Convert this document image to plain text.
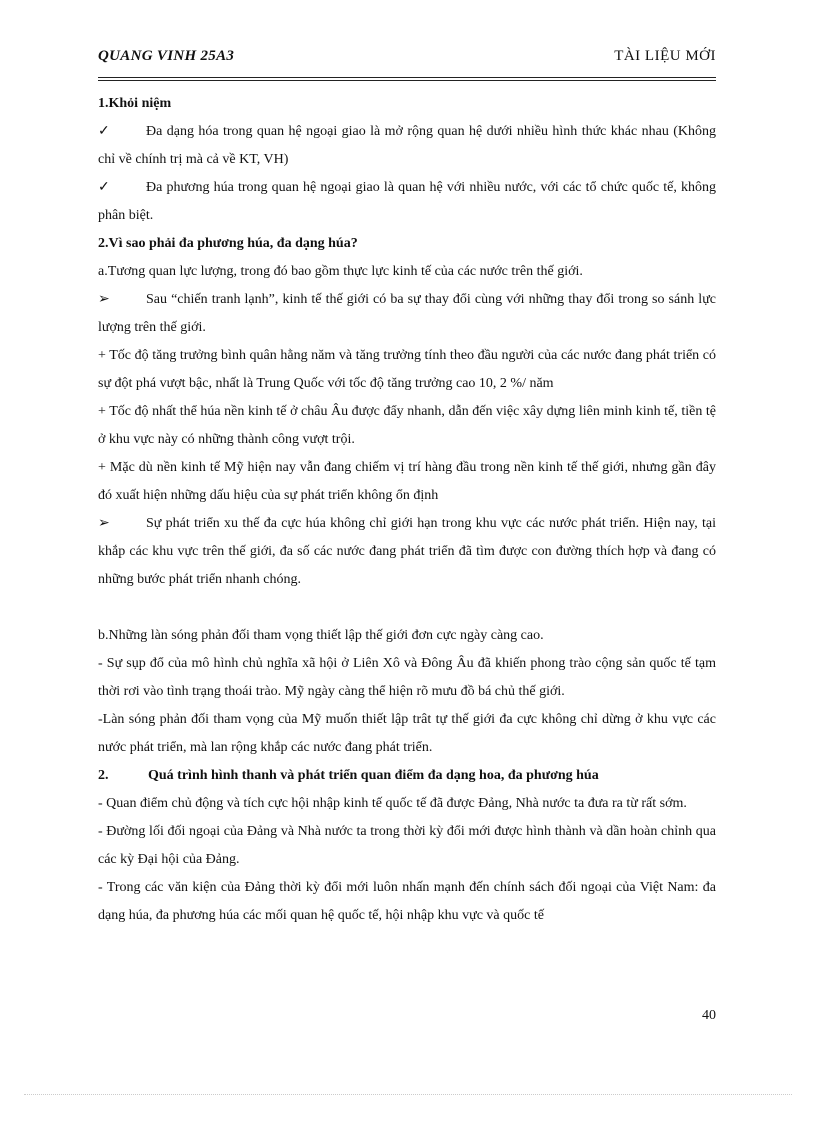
QUANG VINH 25A3	TÀI LIỆU MỚI

1.Khỏi niệm

✓	Đa dạng hóa trong quan hệ ngoại giao là mở rộng quan hệ dưới nhiều hình thức khác nhau (Không chỉ về chính trị mà cả về KT, VH)

✓	Đa phương húa trong quan hệ ngoại giao là quan hệ với nhiều nước, với các tổ chức quốc tế, không phân biệt.

2.Vì sao phải đa phương húa, đa dạng húa?

a.Tương quan lực lượng, trong đó bao gồm thực lực kinh tế của các nước trên thế giới.

➢	Sau “chiến tranh lạnh”, kinh tế thế giới có ba sự thay đổi cùng với những thay đổi trong so sánh lực lượng trên thế giới.

+ Tốc độ tăng trưởng bình quân hằng năm và tăng trưởng tính theo đầu người của các nước đang phát triển có sự đột phá vượt bậc, nhất là Trung Quốc với tốc độ tăng trưởng cao 10, 2 %/ năm

+ Tốc độ nhất thể húa nền kinh tế ở châu Âu được đẩy nhanh, dẫn đến việc xây dựng liên minh kinh tế, tiền tệ ở khu vực này có những thành công vượt trội.

+ Mặc dù nền kinh tế Mỹ hiện nay vẫn đang chiếm vị trí hàng đầu trong nền kinh tế thế giới, nhưng gần đây đó xuất hiện những dấu hiệu của sự phát triển không ổn định

➢	Sự phát triển xu thế đa cực húa không chỉ giới hạn trong khu vực các nước phát triển. Hiện nay, tại khắp các khu vực trên thế giới, đa số các nước đang phát triển đã tìm được con đường thích hợp và đang có những bước phát triển nhanh chóng.

b.Những làn sóng phản đối tham vọng thiết lập thế giới đơn cực ngày càng cao.

- Sự sụp đổ của mô hình chủ nghĩa xã hội ở Liên Xô và Đông Âu đã khiến phong trào cộng sản quốc tế tạm thời rơi vào tình trạng thoái trào. Mỹ ngày càng thể hiện rõ mưu đồ bá chủ thế giới.

-Làn sóng phản đối tham vọng của Mỹ muốn thiết lập trât tự thế giới đa cực không chỉ dừng ở khu vực các nước phát triển, mà lan rộng khắp các nước đang phát triển.

2.	Quá trình hình thanh và phát triển quan điểm đa dạng hoa, đa phương húa

- Quan điểm chủ động và tích cực hội nhập kinh tế quốc tế đã được Đảng, Nhà nước ta đưa ra từ rất sớm.

- Đường lối đối ngoại của Đảng và Nhà nước ta trong thời kỳ đổi mới được hình thành và dần hoàn chỉnh qua các kỳ Đại hội của Đảng.

- Trong các văn kiện của Đảng thời kỳ đổi mới luôn nhấn mạnh đến chính sách đối ngoại của Việt Nam: đa dạng húa, đa phương húa các mối quan hệ quốc tế, hội nhập khu vực và quốc tế

40
